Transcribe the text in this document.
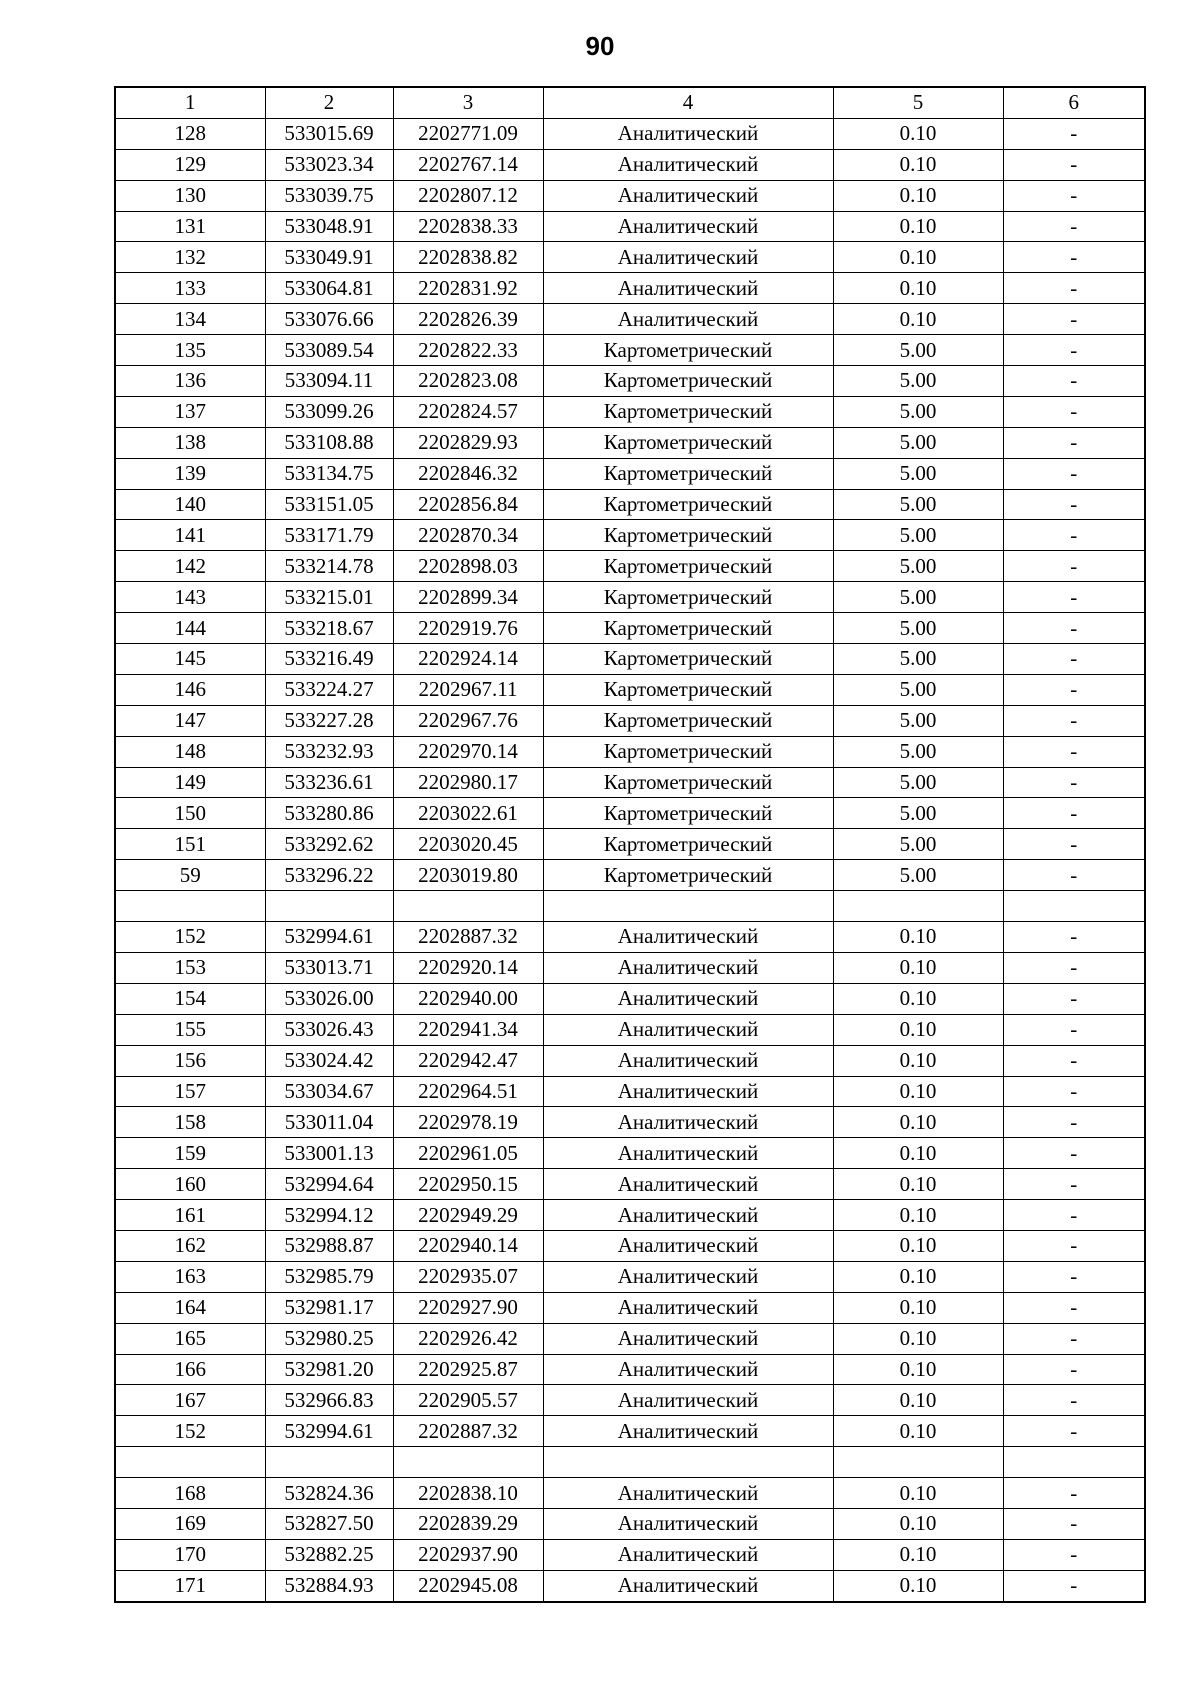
90
1	2	3	4	5	6
128	533015.69	2202771.09	Аналитический	0.10	-
129	533023.34	2202767.14	Аналитический	0.10	-
130	533039.75	2202807.12	Аналитический	0.10	-
131	533048.91	2202838.33	Аналитический	0.10	-
132	533049.91	2202838.82	Аналитический	0.10	-
133	533064.81	2202831.92	Аналитический	0.10	-
134	533076.66	2202826.39	Аналитический	0.10	-
135	533089.54	2202822.33	Картометрический	5.00	-
136	533094.11	2202823.08	Картометрический	5.00	-
137	533099.26	2202824.57	Картометрический	5.00	-
138	533108.88	2202829.93	Картометрический	5.00	-
139	533134.75	2202846.32	Картометрический	5.00	-
140	533151.05	2202856.84	Картометрический	5.00	-
141	533171.79	2202870.34	Картометрический	5.00	-
142	533214.78	2202898.03	Картометрический	5.00	-
143	533215.01	2202899.34	Картометрический	5.00	-
144	533218.67	2202919.76	Картометрический	5.00	-
145	533216.49	2202924.14	Картометрический	5.00	-
146	533224.27	2202967.11	Картометрический	5.00	-
147	533227.28	2202967.76	Картометрический	5.00	-
148	533232.93	2202970.14	Картометрический	5.00	-
149	533236.61	2202980.17	Картометрический	5.00	-
150	533280.86	2203022.61	Картометрический	5.00	-
151	533292.62	2203020.45	Картометрический	5.00	-
59	533296.22	2203019.80	Картометрический	5.00	-

152	532994.61	2202887.32	Аналитический	0.10	-
153	533013.71	2202920.14	Аналитический	0.10	-
154	533026.00	2202940.00	Аналитический	0.10	-
155	533026.43	2202941.34	Аналитический	0.10	-
156	533024.42	2202942.47	Аналитический	0.10	-
157	533034.67	2202964.51	Аналитический	0.10	-
158	533011.04	2202978.19	Аналитический	0.10	-
159	533001.13	2202961.05	Аналитический	0.10	-
160	532994.64	2202950.15	Аналитический	0.10	-
161	532994.12	2202949.29	Аналитический	0.10	-
162	532988.87	2202940.14	Аналитический	0.10	-
163	532985.79	2202935.07	Аналитический	0.10	-
164	532981.17	2202927.90	Аналитический	0.10	-
165	532980.25	2202926.42	Аналитический	0.10	-
166	532981.20	2202925.87	Аналитический	0.10	-
167	532966.83	2202905.57	Аналитический	0.10	-
152	532994.61	2202887.32	Аналитический	0.10	-

168	532824.36	2202838.10	Аналитический	0.10	-
169	532827.50	2202839.29	Аналитический	0.10	-
170	532882.25	2202937.90	Аналитический	0.10	-
171	532884.93	2202945.08	Аналитический	0.10	-
